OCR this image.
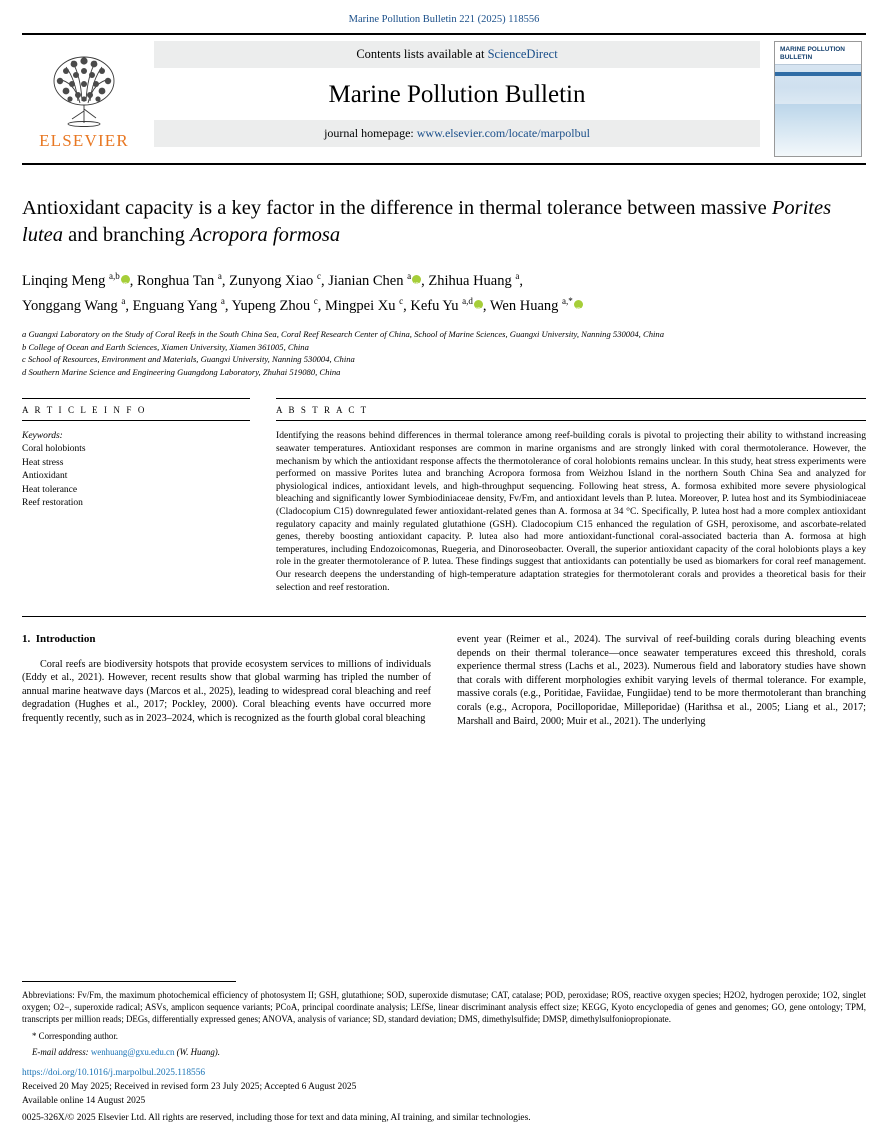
Marine Pollution Bulletin 221 (2025) 118556
ELSEVIER
Contents lists available at ScienceDirect
Marine Pollution Bulletin
journal homepage: www.elsevier.com/locate/marpolbul
MARINE POLLUTION BULLETIN
Antioxidant capacity is a key factor in the difference in thermal tolerance between massive Porites lutea and branching Acropora formosa
Linqing Meng $^{a,b}$ iD , Ronghua Tan $^a$, Zunyong Xiao $^c$, Jianian Chen $^a$ iD , Zhihua Huang $^a$,
Yonggang Wang $^a$, Enguang Yang $^a$, Yupeng Zhou $^c$, Mingpei Xu $^c$, Kefu Yu $^{a,d}$ iD , Wen Huang $^{a,*}$iD
a Guangxi Laboratory on the Study of Coral Reefs in the South China Sea, Coral Reef Research Center of China, School of Marine Sciences, Guangxi University, Nanning 530004, China
b College of Ocean and Earth Sciences, Xiamen University, Xiamen 361005, China
c School of Resources, Environment and Materials, Guangxi University, Nanning 530004, China
d Southern Marine Science and Engineering Guangdong Laboratory, Zhuhai 519080, China
A R T I C L E I N F O
Keywords:
Coral holobionts
Heat stress
Antioxidant
Heat tolerance
Reef restoration
A B S T R A C T
Identifying the reasons behind differences in thermal tolerance among reef-building corals is pivotal to projecting their ability to withstand increasing seawater temperatures. Antioxidant responses are common in marine organisms and are strongly linked with coral thermotolerance. However, the mechanism by which the antioxidant response affects the thermotolerance of coral holobionts remains unclear. In this study, heat stress experiments were performed on massive Porites lutea and branching Acropora formosa from Weizhou Island in the northern South China Sea and analyzed for physiological indices, antioxidant levels, and high-throughput sequencing. Following heat stress, A. formosa exhibited more severe physiological bleaching and significantly lower Symbiodiniaceae density, Fv/Fm, and antioxidant levels than P. lutea. Moreover, P. lutea host and its Symbiodiniaceae (Cladocopium C15) downregulated fewer antioxidant-related genes than A. formosa at 34 °C. Specifically, P. lutea host had a more complex antioxidant regulatory capacity and mainly regulated glutathione (GSH). Cladocopium C15 enhanced the regulation of GSH, peroxisome, and ascorbate-related genes, thereby boosting antioxidant capacity. P. lutea also had more antioxidant-functional coral-associated bacteria than A. formosa at high temperatures, including Endozoicomonas, Ruegeria, and Dinoroseobacter. Overall, the superior antioxidant capacity of the coral holobionts plays a key role in the greater thermotolerance of P. lutea. These findings suggest that antioxidants can potentially be used as biomarkers for coral reef management. Our research deepens the understanding of high-temperature adaptation strategies for thermotolerant corals and provides a theoretical basis for their selection and reef restoration.
1. Introduction
Coral reefs are biodiversity hotspots that provide ecosystem services to millions of individuals (Eddy et al., 2021). However, recent results show that global warming has tripled the number of annual marine heatwave days (Marcos et al., 2025), leading to widespread coral bleaching and reef degradation (Hughes et al., 2017; Pockley, 2000). Coral bleaching events have occurred more frequently recently, such as in 2023–2024, which is recognized as the fourth global coral bleaching
event year (Reimer et al., 2024). The survival of reef-building corals during bleaching events depends on their thermal tolerance—once seawater temperatures exceed this threshold, corals experience thermal stress (Lachs et al., 2023). Numerous field and laboratory studies have shown that corals with different morphologies exhibit varying levels of thermal tolerance. For example, massive corals (e.g., Poritidae, Faviidae, Fungiidae) tend to be more thermotolerant than branching corals (e.g., Acropora, Pocilloporidae, Milleporidae) (Harithsa et al., 2005; Liang et al., 2017; Marshall and Baird, 2000; Muir et al., 2021). The underlying
Abbreviations: Fv/Fm, the maximum photochemical efficiency of photosystem II; GSH, glutathione; SOD, superoxide dismutase; CAT, catalase; POD, peroxidase; ROS, reactive oxygen species; H2O2, hydrogen peroxide; 1O2, singlet oxygen; O2−, superoxide radical; ASVs, amplicon sequence variants; PCoA, principal coordinate analysis; LEfSe, linear discriminant analysis effect size; KEGG, Kyoto encyclopedia of genes and genomes; GO, gene ontology; TPM, transcripts per million reads; DEGs, differentially expressed genes; ANOVA, analysis of variance; SD, standard deviation; DMS, dimethylsulfide; DMSP, dimethylsulfoniopropionate.
* Corresponding author.
E-mail address: wenhuang@gxu.edu.cn (W. Huang).
https://doi.org/10.1016/j.marpolbul.2025.118556
Received 20 May 2025; Received in revised form 23 July 2025; Accepted 6 August 2025
Available online 14 August 2025
0025-326X/© 2025 Elsevier Ltd. All rights are reserved, including those for text and data mining, AI training, and similar technologies.
